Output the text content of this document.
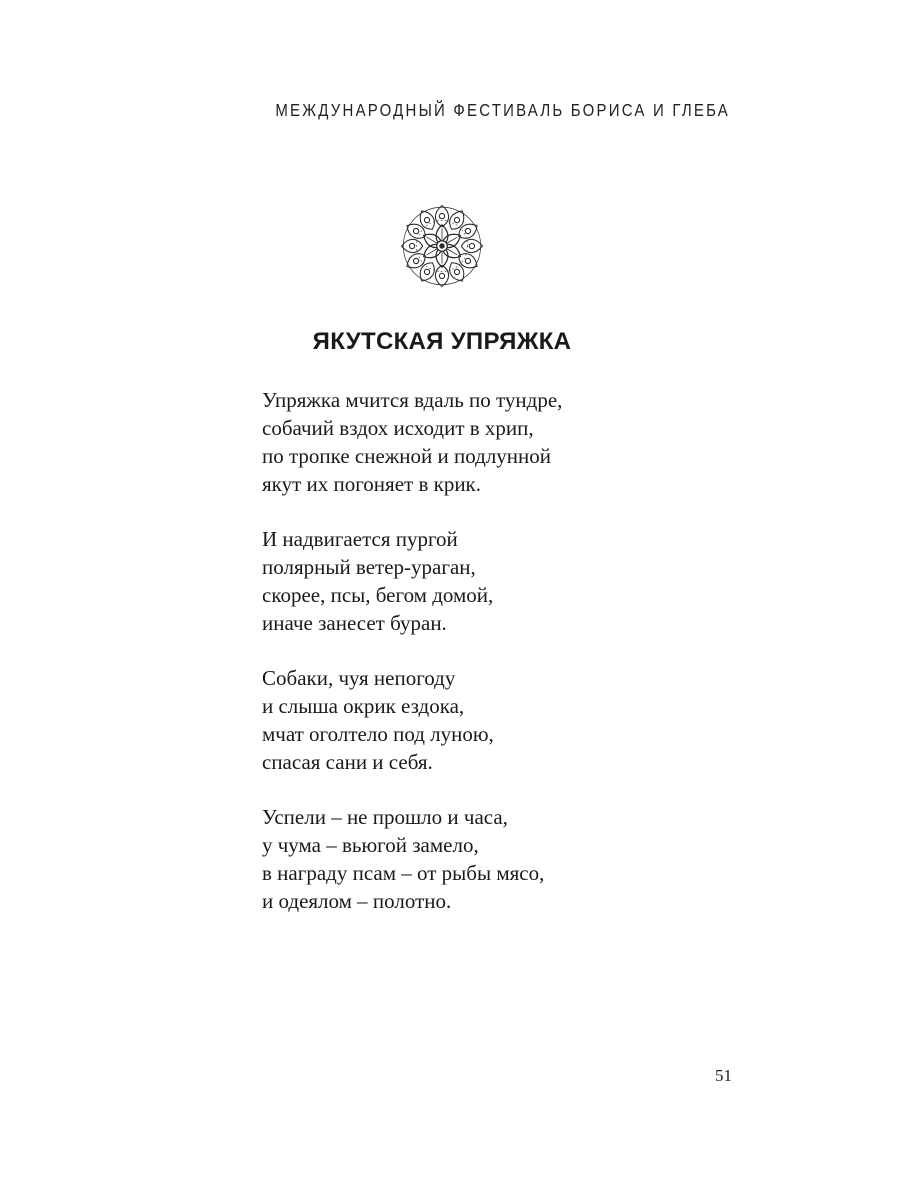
МЕЖДУНАРОДНЫЙ ФЕСТИВАЛЬ БОРИСА И ГЛЕБА
ЯКУТСКАЯ УПРЯЖКА
Упряжка мчится вдаль по тундре,
собачий вздох исходит в хрип,
по тропке снежной и подлунной
якут их погоняет в крик.
И надвигается пургой
полярный ветер-ураган,
скорее, псы, бегом домой,
иначе занесет буран.
Собаки, чуя непогоду
и слыша окрик ездока,
мчат оголтело под луною,
спасая сани и себя.
Успели – не прошло и часа,
у чума – вьюгой замело,
в награду псам – от рыбы мясо,
и одеялом – полотно.
51
